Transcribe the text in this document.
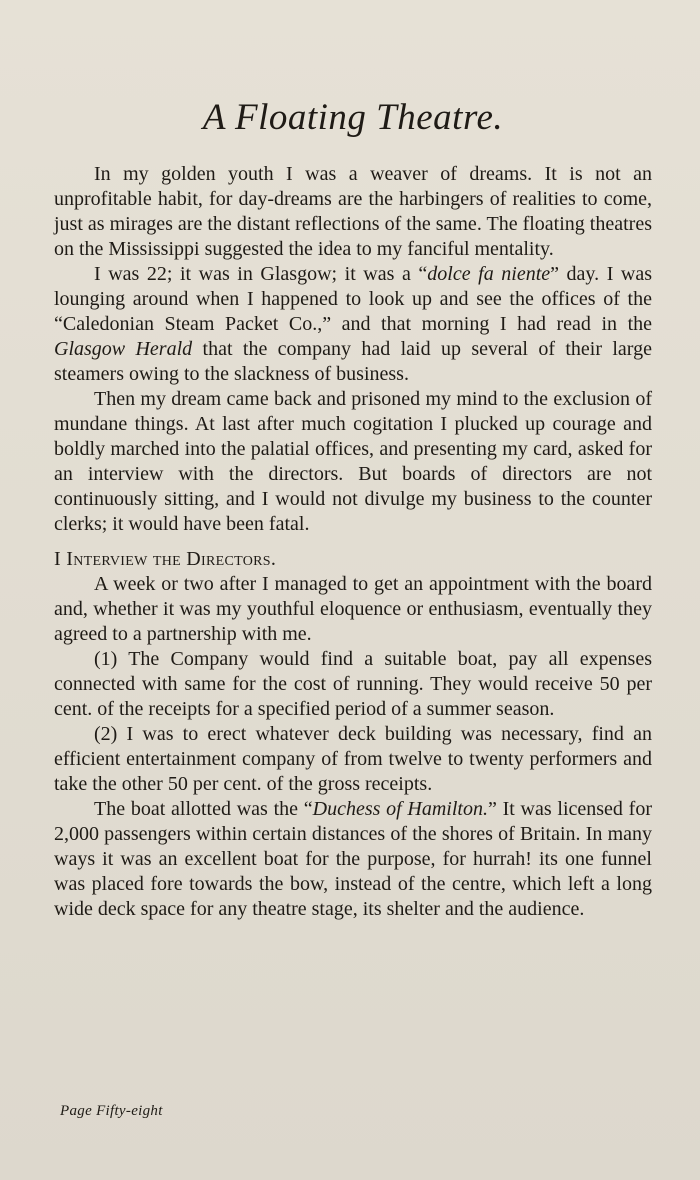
A Floating Theatre.

In my golden youth I was a weaver of dreams. It is not an unprofitable habit, for day-dreams are the harbingers of realities to come, just as mirages are the distant reflections of the same. The floating theatres on the Mississippi suggested the idea to my fanciful mentality.

I was 22; it was in Glasgow; it was a “dolce fa niente” day. I was lounging around when I happened to look up and see the offices of the “Caledonian Steam Packet Co.,” and that morning I had read in the Glasgow Herald that the company had laid up several of their large steamers owing to the slackness of business.

Then my dream came back and prisoned my mind to the exclusion of mundane things. At last after much cogitation I plucked up courage and boldly marched into the palatial offices, and presenting my card, asked for an interview with the directors. But boards of directors are not continuously sitting, and I would not divulge my business to the counter clerks; it would have been fatal.

I Interview the Directors.

A week or two after I managed to get an appointment with the board and, whether it was my youthful eloquence or enthusiasm, eventually they agreed to a partnership with me.

(1) The Company would find a suitable boat, pay all expenses connected with same for the cost of running. They would receive 50 per cent. of the receipts for a specified period of a summer season.

(2) I was to erect whatever deck building was necessary, find an efficient entertainment company of from twelve to twenty performers and take the other 50 per cent. of the gross receipts.

The boat allotted was the “Duchess of Hamilton.” It was licensed for 2,000 passengers within certain distances of the shores of Britain. In many ways it was an excellent boat for the purpose, for hurrah! its one funnel was placed fore towards the bow, instead of the centre, which left a long wide deck space for any theatre stage, its shelter and the audience.

Page Fifty-eight
